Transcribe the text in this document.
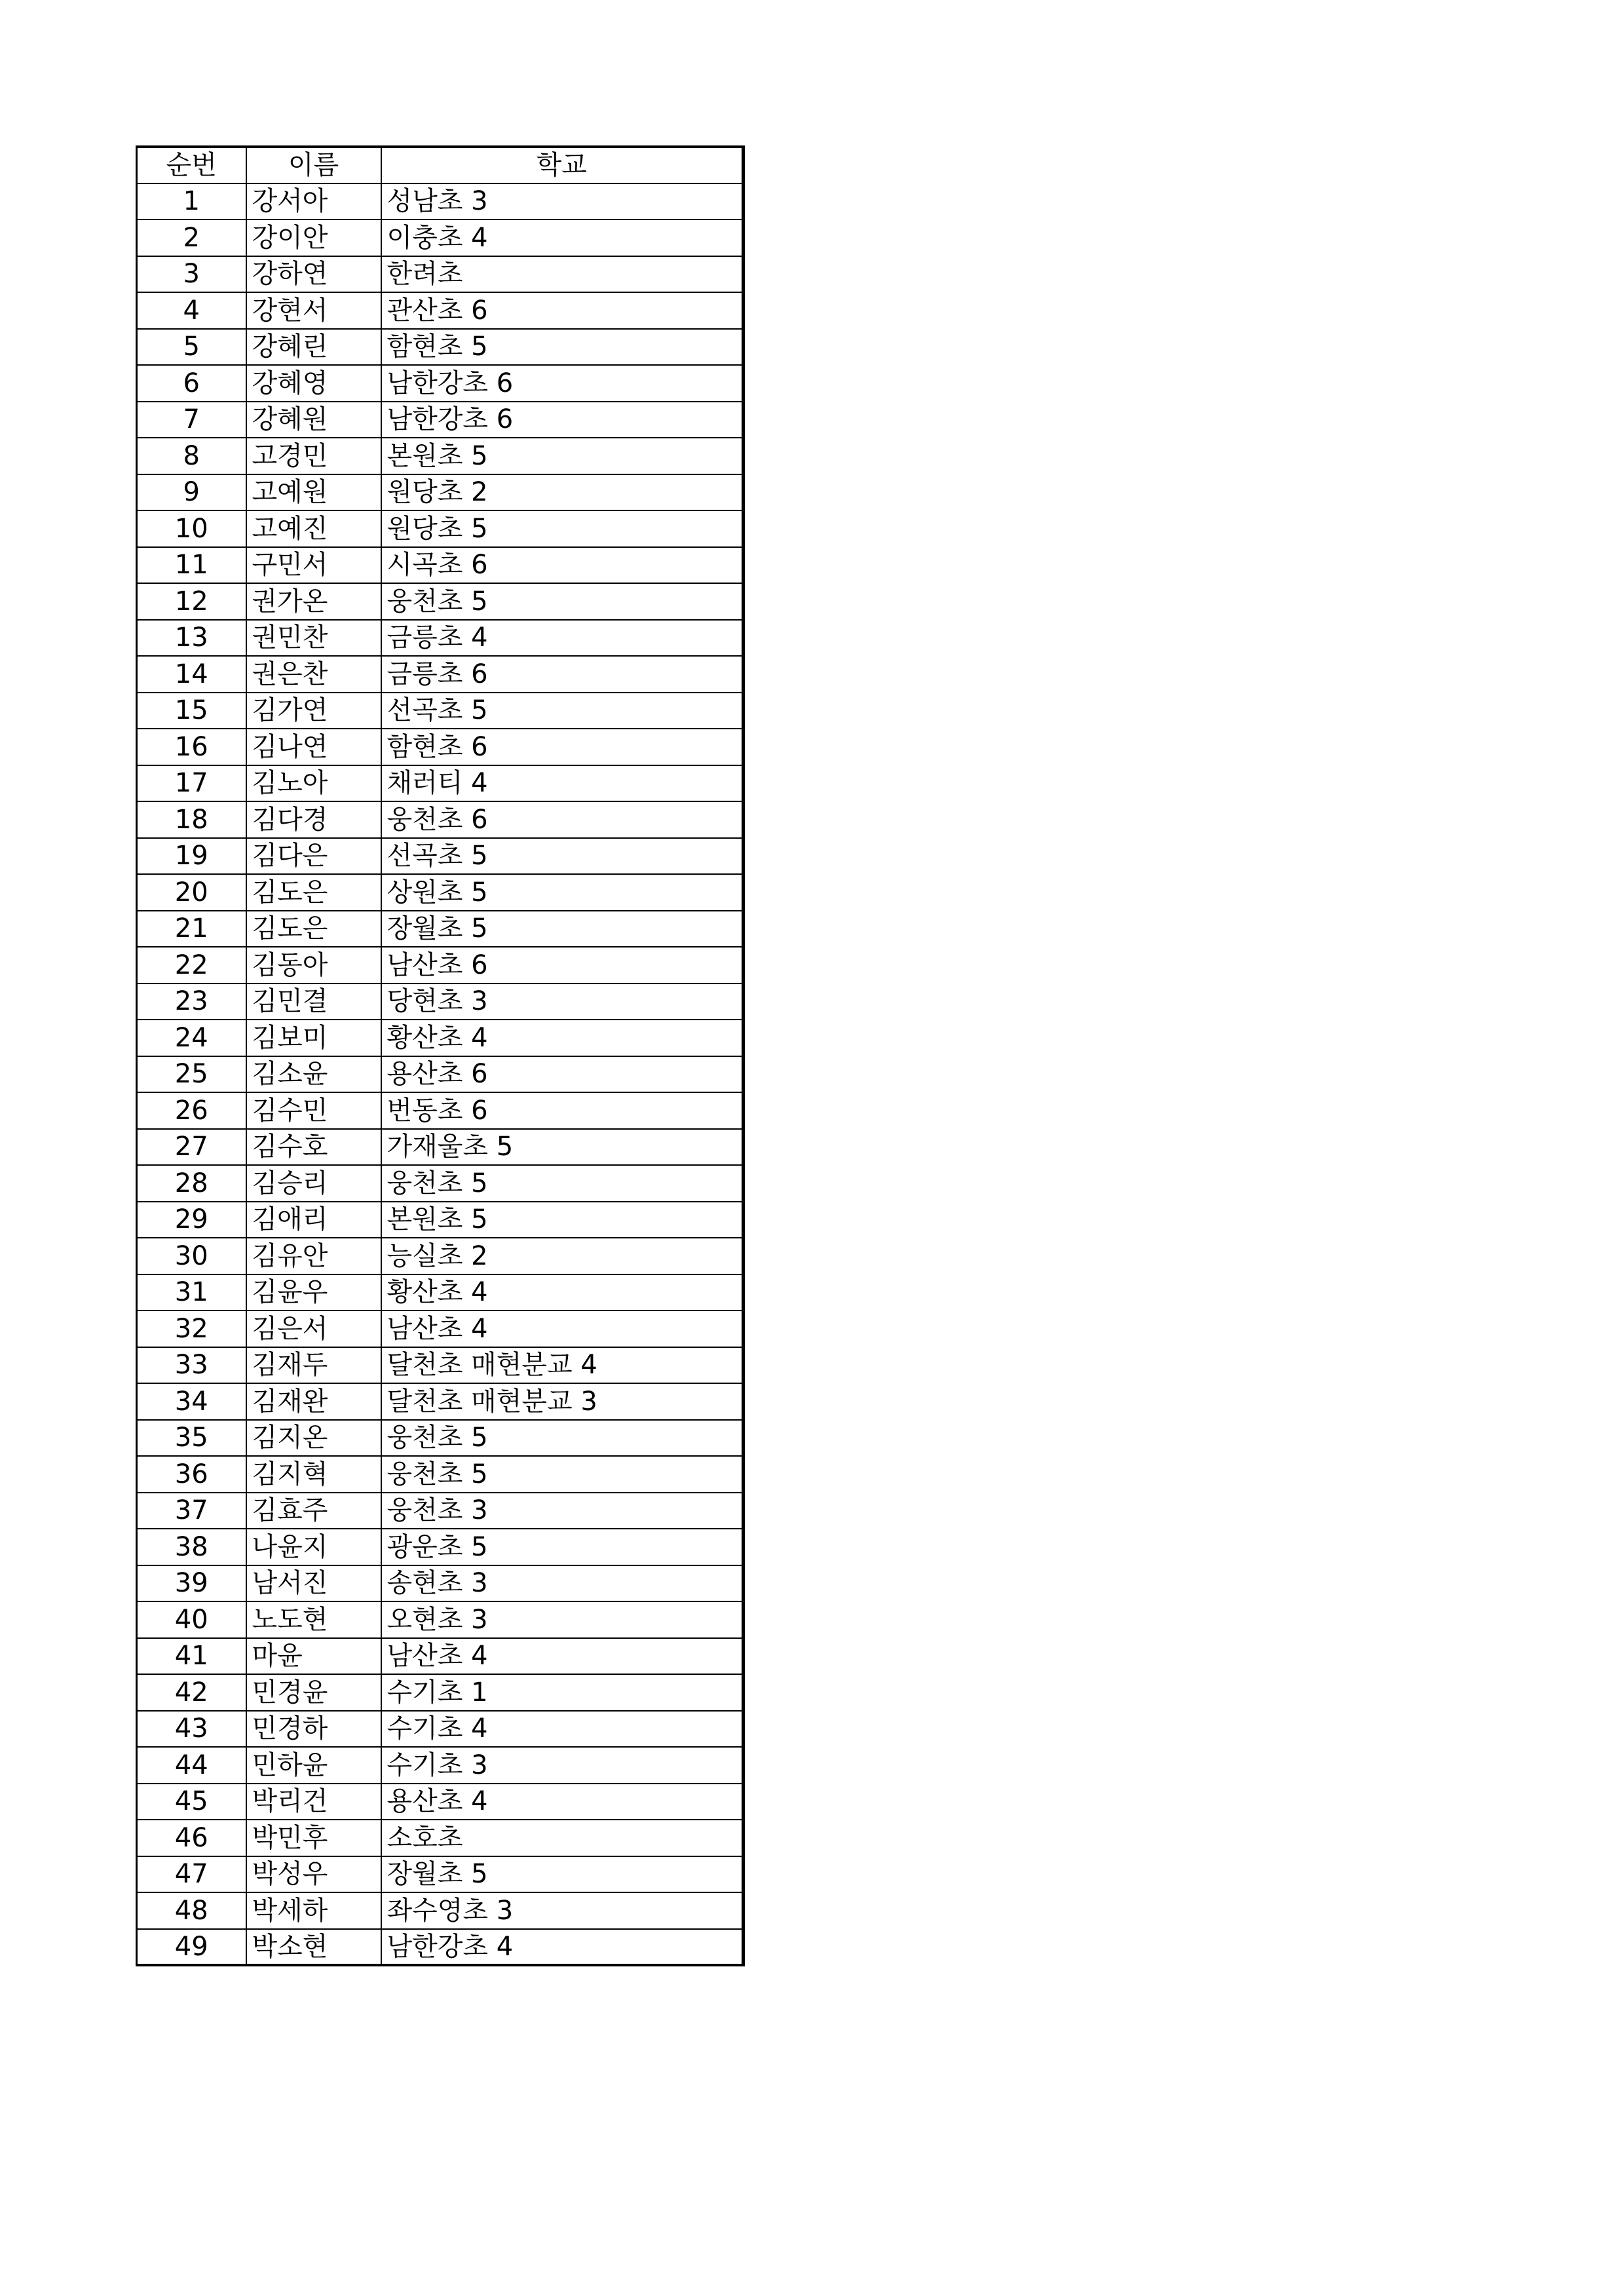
순번	이름	학교
1	강서아	성남초 3
2	강이안	이충초 4
3	강하연	한려초
4	강현서	관산초 6
5	강혜린	함현초 5
6	강혜영	남한강초 6
7	강혜원	남한강초 6
8	고경민	본원초 5
9	고예원	원당초 2
10	고예진	원당초 5
11	구민서	시곡초 6
12	권가온	웅천초 5
13	권민찬	금릉초 4
14	권은찬	금릉초 6
15	김가연	선곡초 5
16	김나연	함현초 6
17	김노아	채러티 4
18	김다경	웅천초 6
19	김다은	선곡초 5
20	김도은	상원초 5
21	김도은	장월초 5
22	김동아	남산초 6
23	김민결	당현초 3
24	김보미	황산초 4
25	김소윤	용산초 6
26	김수민	번동초 6
27	김수호	가재울초 5
28	김승리	웅천초 5
29	김애리	본원초 5
30	김유안	능실초 2
31	김윤우	황산초 4
32	김은서	남산초 4
33	김재두	달천초 매현분교 4
34	김재완	달천초 매현분교 3
35	김지온	웅천초 5
36	김지혁	웅천초 5
37	김효주	웅천초 3
38	나윤지	광운초 5
39	남서진	송현초 3
40	노도현	오현초 3
41	마윤	남산초 4
42	민경윤	수기초 1
43	민경하	수기초 4
44	민하윤	수기초 3
45	박리건	용산초 4
46	박민후	소호초
47	박성우	장월초 5
48	박세하	좌수영초 3
49	박소현	남한강초 4
